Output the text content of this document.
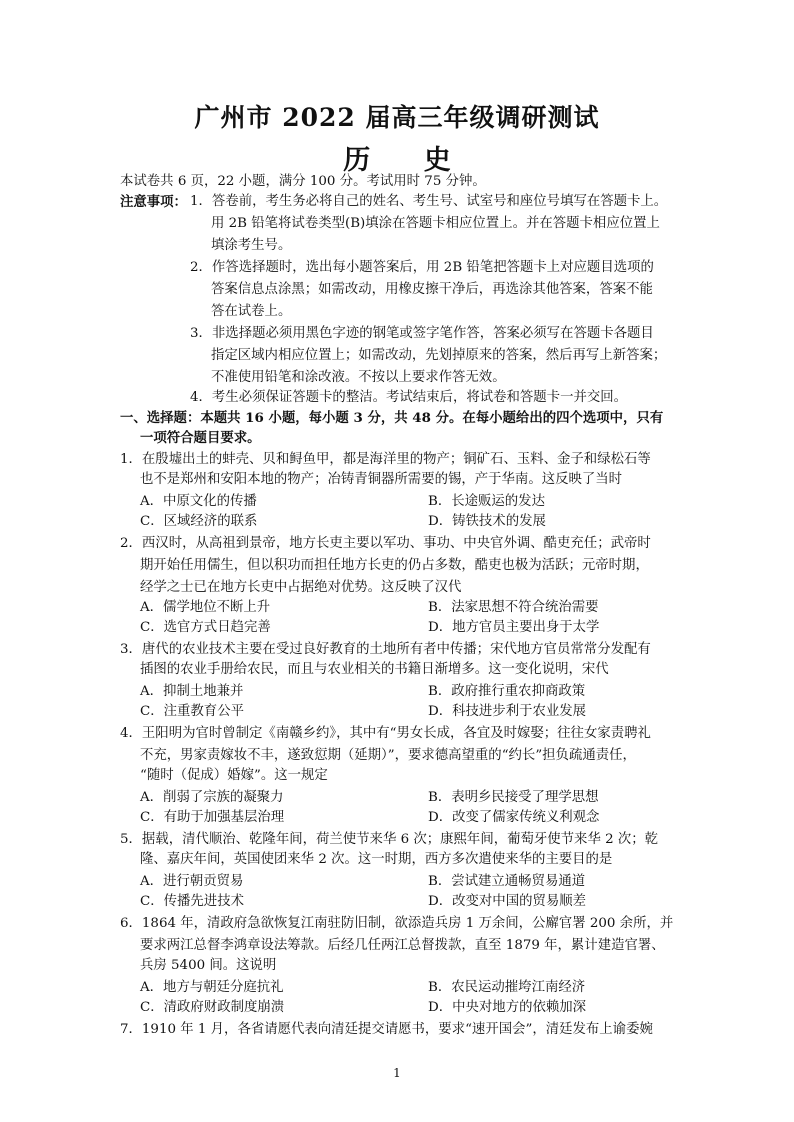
广州市 2022 届高三年级调研测试
历 史
本试卷共 6 页，22 小题，满分 100 分。考试用时 75 分钟。
注意事项： 1．答卷前，考生务必将自己的姓名、考生号、试室号和座位号填写在答题卡上。
用 2B 铅笔将试卷类型(B)填涂在答题卡相应位置上。并在答题卡相应位置上
填涂考生号。
2．作答选择题时，选出每小题答案后，用 2B 铅笔把答题卡上对应题目选项的
答案信息点涂黑；如需改动，用橡皮擦干净后，再选涂其他答案，答案不能
答在试卷上。
3．非选择题必须用黑色字迹的钢笔或签字笔作答，答案必须写在答题卡各题目
指定区域内相应位置上；如需改动，先划掉原来的答案，然后再写上新答案；
不准使用铅笔和涂改液。不按以上要求作答无效。
4．考生必须保证答题卡的整洁。考试结束后，将试卷和答题卡一并交回。
一、选择题：本题共 16 小题，每小题 3 分，共 48 分。在每小题给出的四个选项中，只有
一项符合题目要求。
1．在殷墟出土的蚌壳、贝和鲟鱼甲，都是海洋里的物产；铜矿石、玉料、金子和绿松石等
也不是郑州和安阳本地的物产；冶铸青铜器所需要的锡，产于华南。这反映了当时
A．中原文化的传播	B．长途贩运的发达
C．区域经济的联系	D．铸铁技术的发展
2．西汉时，从高祖到景帝，地方长吏主要以军功、事功、中央官外调、酷吏充任；武帝时
期开始任用儒生，但以积功而担任地方长吏的仍占多数，酷吏也极为活跃；元帝时期，
经学之士已在地方长吏中占据绝对优势。这反映了汉代
A．儒学地位不断上升	B．法家思想不符合统治需要
C．选官方式日趋完善	D．地方官员主要出身于太学
3．唐代的农业技术主要在受过良好教育的土地所有者中传播；宋代地方官员常常分发配有
插图的农业手册给农民，而且与农业相关的书籍日渐增多。这一变化说明，宋代
A．抑制土地兼并	B．政府推行重农抑商政策
C．注重教育公平	D．科技进步利于农业发展
4．王阳明为官时曾制定《南赣乡约》，其中有“男女长成，各宜及时嫁娶；往往女家责聘礼
不充，男家责嫁妆不丰，遂致愆期（延期）”，要求德高望重的“约长”担负疏通责任，
“随时（促成）婚嫁”。这一规定
A．削弱了宗族的凝聚力	B．表明乡民接受了理学思想
C．有助于加强基层治理	D．改变了儒家传统义利观念
5．据载，清代顺治、乾隆年间，荷兰使节来华 6 次；康熙年间，葡萄牙使节来华 2 次；乾
隆、嘉庆年间，英国使团来华 2 次。这一时期，西方多次遣使来华的主要目的是
A．进行朝贡贸易	B．尝试建立通畅贸易通道
C．传播先进技术	D．改变对中国的贸易顺差
6．1864 年，清政府急欲恢复江南驻防旧制，欲添造兵房 1 万余间，公廨官署 200 余所，并
要求两江总督李鸿章设法筹款。后经几任两江总督拨款，直至 1879 年，累计建造官署、
兵房 5400 间。这说明
A．地方与朝廷分庭抗礼	B．农民运动摧垮江南经济
C．清政府财政制度崩溃	D．中央对地方的依赖加深
7．1910 年 1 月，各省请愿代表向清廷提交请愿书，要求“速开国会”，清廷发布上谕委婉
1
